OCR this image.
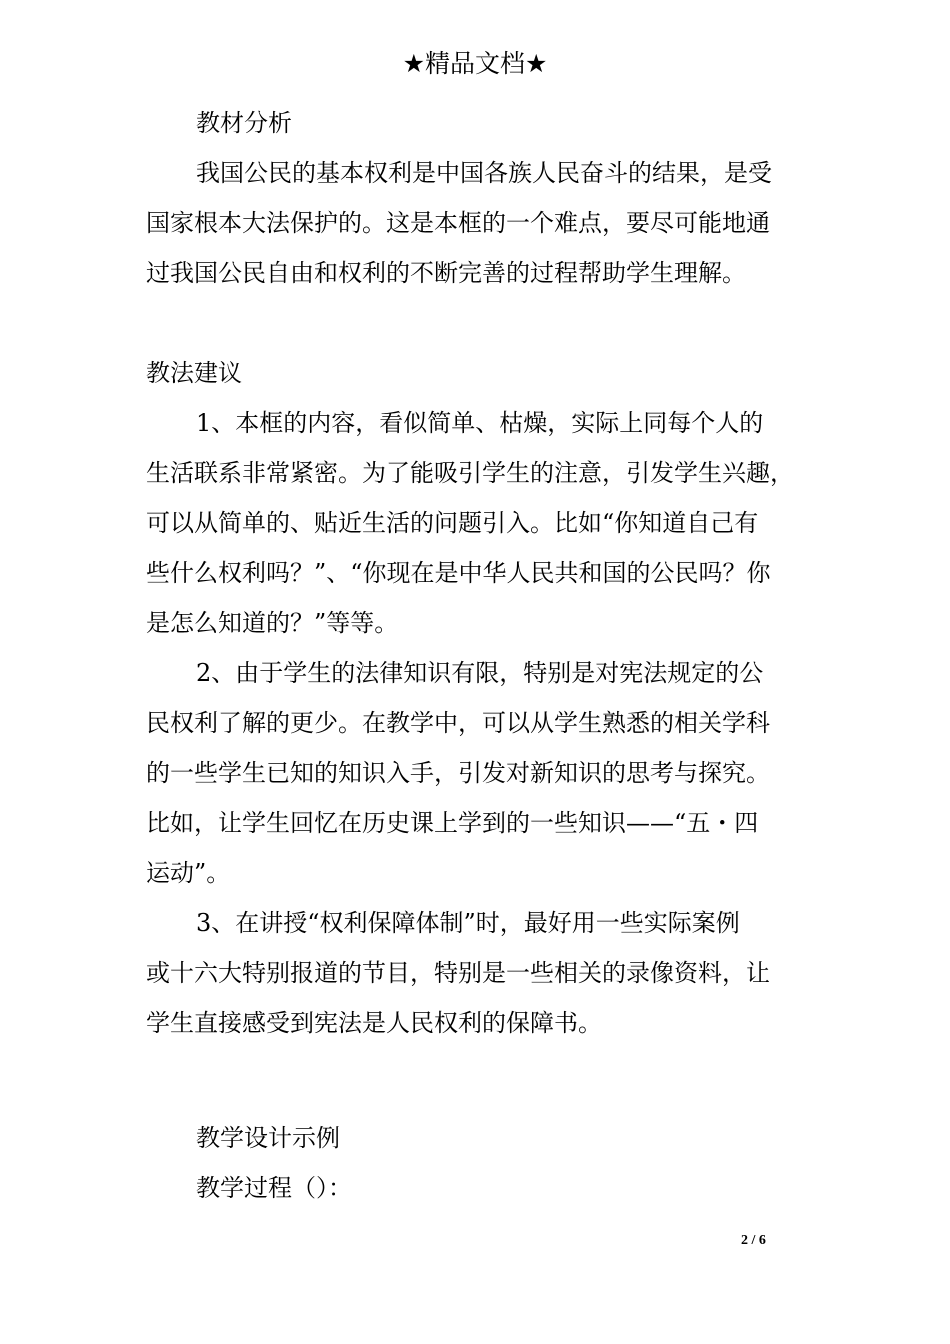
★精品文档★
教材分析
我国公民的基本权利是中国各族人民奋斗的结果，是受
国家根本大法保护的。这是本框的一个难点，要尽可能地通
过我国公民自由和权利的不断完善的过程帮助学生理解。
教法建议
1、本框的内容，看似简单、枯燥，实际上同每个人的
生活联系非常紧密。为了能吸引学生的注意，引发学生兴趣，
可以从简单的、贴近生活的问题引入。比如“你知道自己有
些什么权利吗？”、“你现在是中华人民共和国的公民吗？你
是怎么知道的？”等等。
2、由于学生的法律知识有限，特别是对宪法规定的公
民权利了解的更少。在教学中，可以从学生熟悉的相关学科
的一些学生已知的知识入手，引发对新知识的思考与探究。
比如，让学生回忆在历史课上学到的一些知识——“五・四
运动”。
3、在讲授“权利保障体制”时，最好用一些实际案例
或十六大特别报道的节目，特别是一些相关的录像资料，让
学生直接感受到宪法是人民权利的保障书。
教学设计示例
教学过程（）：
2 / 6
